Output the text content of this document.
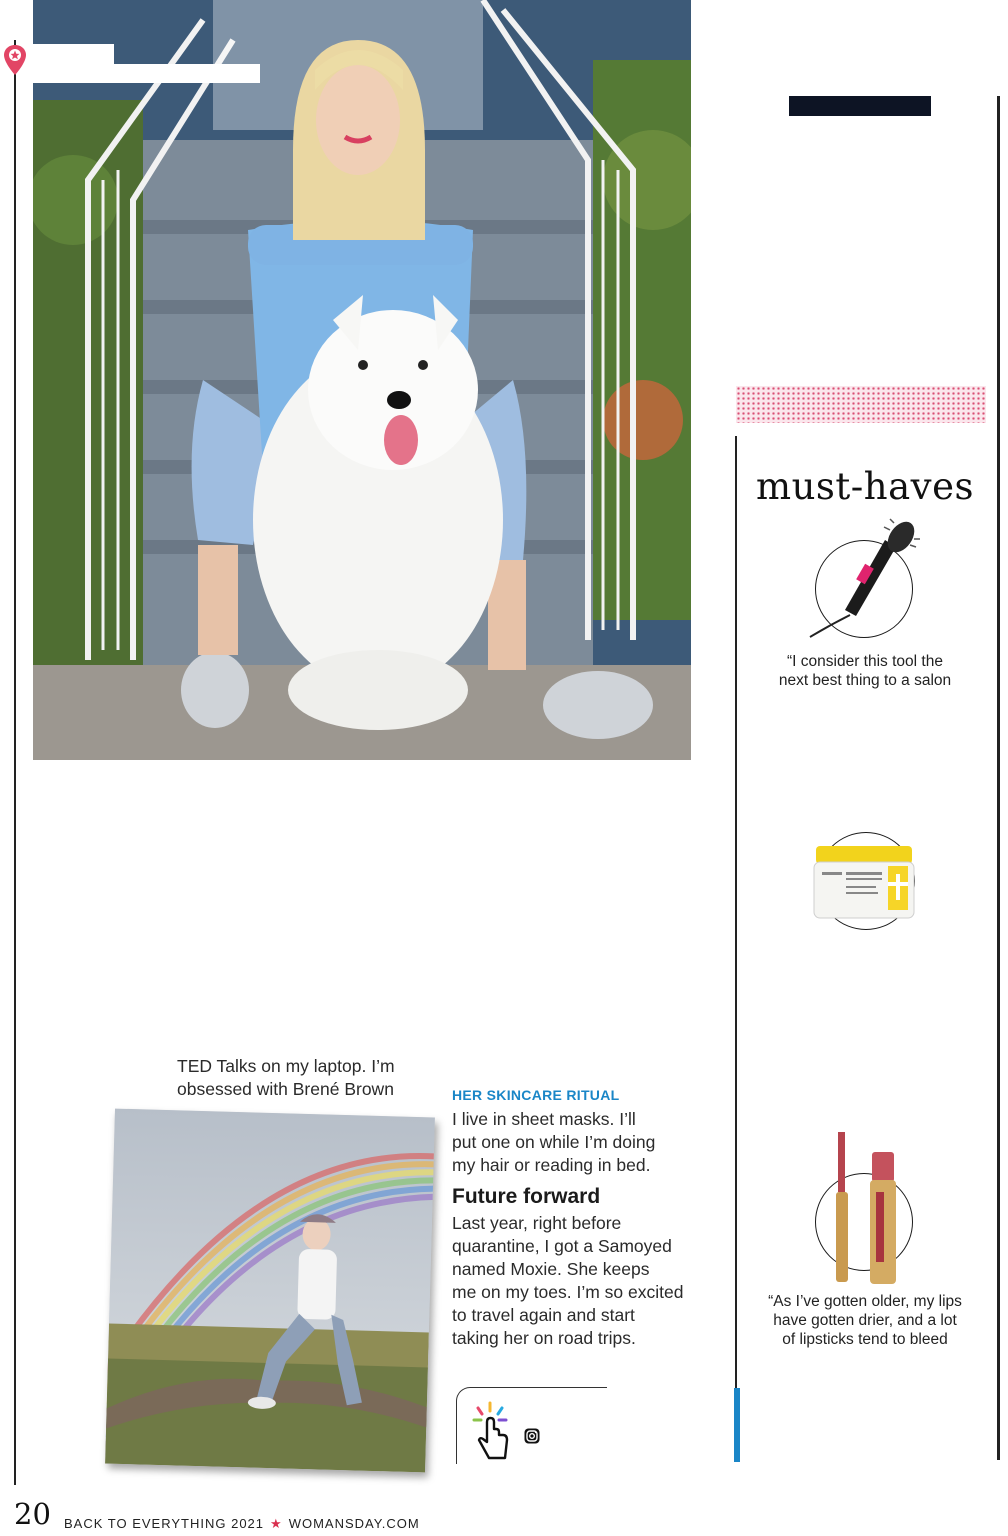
must-haves
“I consider this tool the
next best thing to a salon
“As I’ve gotten older, my lips
have gotten drier, and a lot
of lipsticks tend to bleed
TED Talks on my laptop. I’m
obsessed with Brené Brown	HER SKINCARE RITUAL
I live in sheet masks. I’ll
put one on while I’m doing
my hair or reading in bed.
Future forward
Last year, right before
quarantine, I got a Samoyed
named Moxie. She keeps
me on my toes. I’m so excited
to travel again and start
taking her on road trips.
20 BACK TO EVERYTHING 2021 ★ WOMANSDAY.COM
